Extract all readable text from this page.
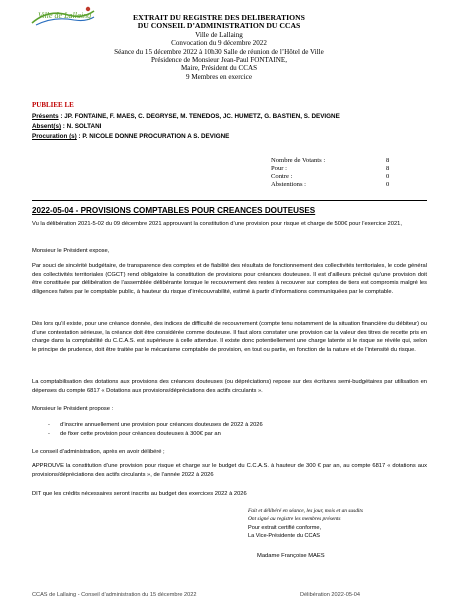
Ville de Lallaing	EXTRAIT DU REGISTRE DES DELIBERATIONS
DU CONSEIL D’ADMINISTRATION DU CCAS
Ville de Lallaing
Convocation du 9 décembre 2022
Séance du 15 décembre 2022 à 10h30 Salle de réunion de l’Hôtel de Ville
Présidence de Monsieur Jean-Paul FONTAINE,
Maire, Président du CCAS
9 Membres en exercice
PUBLIEE LE
Présents : JP. FONTAINE, F. MAES, C. DEGRYSE, M. TENEDOS, JC. HUMETZ, G. BASTIEN, S. DEVIGNE
Absent(s) : N. SOLTANI
Procuration (s) : P. NICOLE DONNE PROCURATION A S. DEVIGNE
Nombre de Votants :	8
Pour :	8
Contre :	0
Abstentions :	0
2022-05-04 - PROVISIONS COMPTABLES POUR CREANCES DOUTEUSES
Vu la délibération 2021-5-02 du 09 décembre 2021 approuvant la constitution d’une provision pour risque et charge de 500€ pour l’exercice 2021,
Monsieur le Président expose,
Par souci de sincérité budgétaire, de transparence des comptes et de fiabilité des résultats de fonctionnement des collectivités territoriales, le code général des collectivités territoriales (CGCT) rend obligatoire la constitution de provisions pour créances douteuses. Il est d’ailleurs précisé qu’une provision doit être constituée par délibération de l’assemblée délibérante lorsque le recouvrement des restes à recouvrer sur comptes de tiers est compromis malgré les diligences faites par le comptable public, à hauteur du risque d’irrécouvrabilité, estimé à partir d’informations communiquées par le comptable.
Dès lors qu’il existe, pour une créance donnée, des indices de difficulté de recouvrement (compte tenu notamment de la situation financière du débiteur) ou d’une contestation sérieuse, la créance doit être considérée comme douteuse. Il faut alors constater une provision car la valeur des titres de recette pris en charge dans la comptabilité du C.C.A.S. est supérieure à celle attendue. Il existe donc potentiellement une charge latente si le risque se révèle qui, selon le principe de prudence, doit être traitée par le mécanisme comptable de provision, en tout ou partie, en fonction de la nature et de l’intensité du risque.
La comptabilisation des dotations aux provisions des créances douteuses (ou dépréciations) repose sur des écritures semi-budgétaires par utilisation en dépenses du compte 6817 « Dotations aux provisions/dépréciations des actifs circulants ».
Monsieur le Président propose :
- d’inscrire annuellement une provision pour créances douteuses de 2022 à 2026
- de fixer cette provision pour créances douteuses à 300€ par an
Le conseil d’administration, après en avoir délibéré ;
APPROUVE la constitution d’une provision pour risque et charge sur le budget du C.C.A.S. à hauteur de 300 € par an, au compte 6817 « dotations aux provisions/dépréciations des actifs circulants », de l’année 2022 à 2026
DIT que les crédits nécessaires seront inscrits au budget des exercices 2022 à 2026
Fait et délibéré en séance, les jour, mois et an susdits
Ont signé au registre les membres présents
Pour extrait certifié conforme,
La Vice-Présidente du CCAS
Madame Françoise MAES
CCAS de Lallaing - Conseil d’administration du 15 décembre 2022	Délibération 2022-05-04
